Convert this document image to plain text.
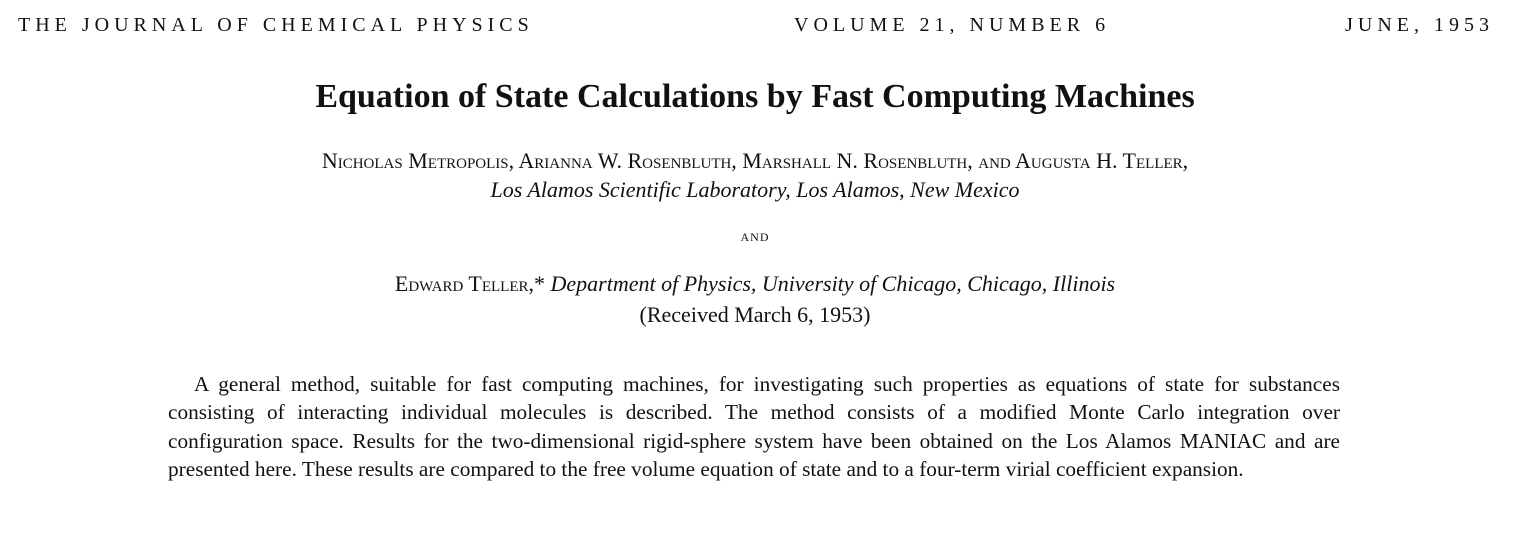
THE JOURNAL OF CHEMICAL PHYSICS	VOLUME 21, NUMBER 6	JUNE, 1953
Equation of State Calculations by Fast Computing Machines
Nicholas Metropolis, Arianna W. Rosenbluth, Marshall N. Rosenbluth, and Augusta H. Teller,
Los Alamos Scientific Laboratory, Los Alamos, New Mexico
and
Edward Teller,* Department of Physics, University of Chicago, Chicago, Illinois
(Received March 6, 1953)
A general method, suitable for fast computing machines, for investigating such properties as equations of state for substances consisting of interacting individual molecules is described. The method consists of a modified Monte Carlo integration over configuration space. Results for the two-dimensional rigid-sphere system have been obtained on the Los Alamos MANIAC and are presented here. These results are compared to the free volume equation of state and to a four-term virial coefficient expansion.
